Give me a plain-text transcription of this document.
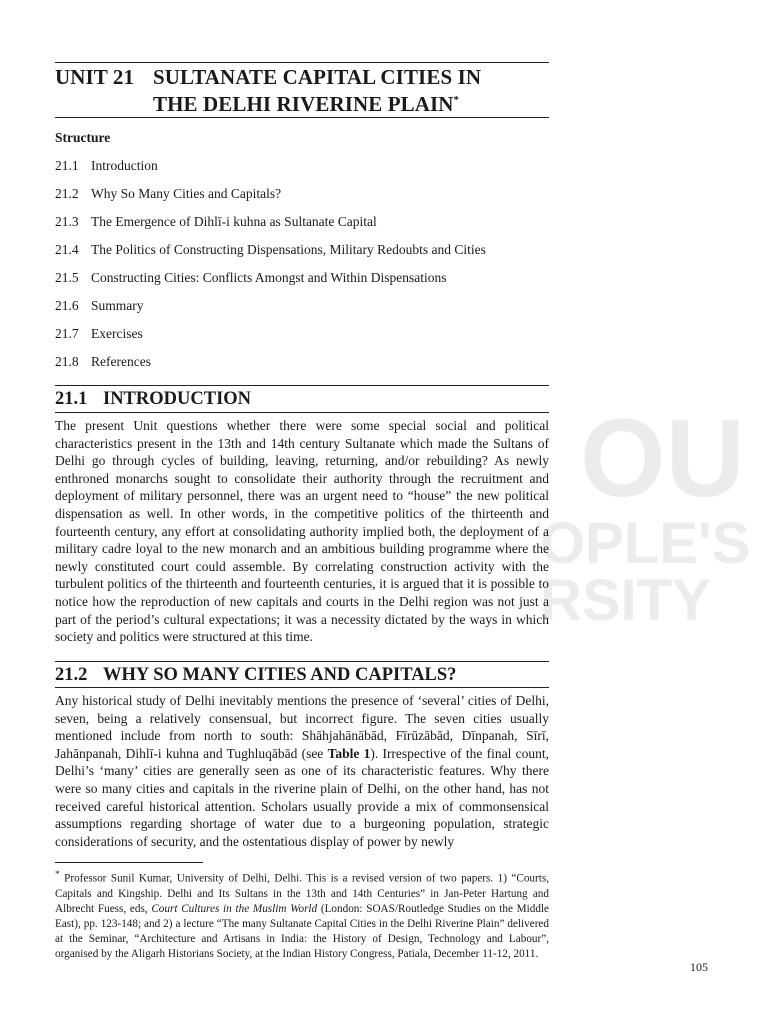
OU
OPLE'S
RSITY
UNIT 21 SULTANATE CAPITAL CITIES IN
THE DELHI RIVERINE PLAIN*
Structure
21.1 Introduction
21.2 Why So Many Cities and Capitals?
21.3 The Emergence of Dihlī-i kuhna as Sultanate Capital
21.4 The Politics of Constructing Dispensations, Military Redoubts and Cities
21.5 Constructing Cities: Conflicts Amongst and Within Dispensations
21.6 Summary
21.7 Exercises
21.8 References
21.1 INTRODUCTION

The present Unit questions whether there were some special social and political characteristics present in the 13th and 14th century Sultanate which made the Sultans of Delhi go through cycles of building, leaving, returning, and/or rebuilding? As newly enthroned monarchs sought to consolidate their authority through the recruitment and deployment of military personnel, there was an urgent need to “house” the new political dispensation as well. In other words, in the competitive politics of the thirteenth and fourteenth century, any effort at consolidating authority implied both, the deployment of a military cadre loyal to the new monarch and an ambitious building programme where the newly constituted court could assemble. By correlating construction activity with the turbulent politics of the thirteenth and fourteenth centuries, it is argued that it is possible to notice how the reproduction of new capitals and courts in the Delhi region was not just a part of the period’s cultural expectations; it was a necessity dictated by the ways in which society and politics were structured at this time.

21.2 WHY SO MANY CITIES AND CAPITALS?

Any historical study of Delhi inevitably mentions the presence of ‘several’ cities of Delhi, seven, being a relatively consensual, but incorrect figure. The seven cities usually mentioned include from north to south: Shāhjahānābād, Fīrūzābād, Dīnpanah, Sīrī, Jahānpanah, Dihlī-i kuhna and Tughluqābād (see Table 1). Irrespective of the final count, Delhi’s ‘many’ cities are generally seen as one of its characteristic features. Why there were so many cities and capitals in the riverine plain of Delhi, on the other hand, has not received careful historical attention. Scholars usually provide a mix of commonsensical assumptions regarding shortage of water due to a burgeoning population, strategic considerations of security, and the ostentatious display of power by newly

* Professor Sunil Kumar, University of Delhi, Delhi. This is a revised version of two papers. 1) “Courts, Capitals and Kingship. Delhi and Its Sultans in the 13th and 14th Centuries” in Jan-Peter Hartung and Albrecht Fuess, eds, Court Cultures in the Muslim World (London: SOAS/Routledge Studies on the Middle East), pp. 123-148; and 2) a lecture “The many Sultanate Capital Cities in the Delhi Riverine Plain” delivered at the Seminar, “Architecture and Artisans in India: the History of Design, Technology and Labour”, organised by the Aligarh Historians Society, at the Indian History Congress, Patiala, December 11-12, 2011.

105
